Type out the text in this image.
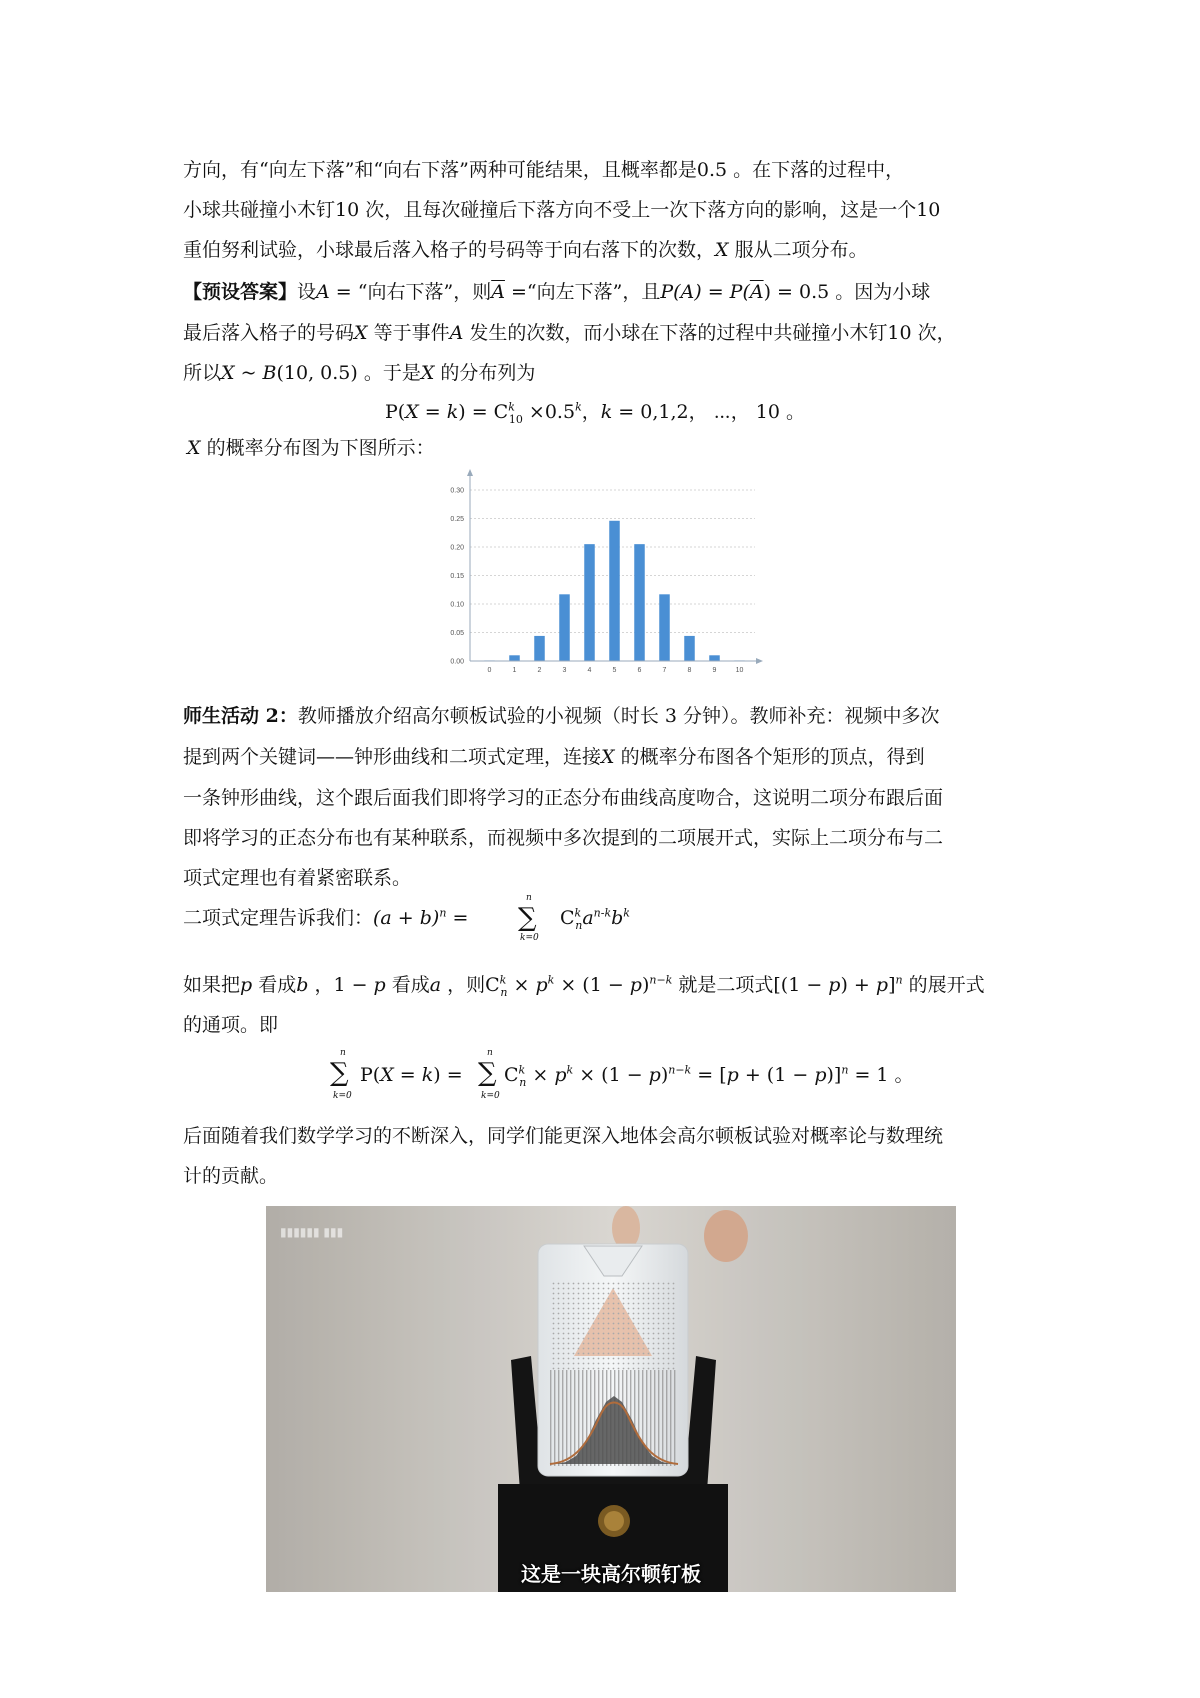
方向，有“向左下落”和“向右下落”两种可能结果，且概率都是0.5 。在下落的过程中，
小球共碰撞小木钉10 次，且每次碰撞后下落方向不受上一次下落方向的影响，这是一个10
重伯努利试验，小球最后落入格子的号码等于向右落下的次数，X 服从二项分布。
【预设答案】设A = “向右下落”，则$\overline{A}$ =“向左下落”，且$P(A) = P(\overline{A}) = 0.5$ 。因为小球
最后落入格子的号码X 等于事件A 发生的次数，而小球在下落的过程中共碰撞小木钉10 次，
所以X ~ B(10, 0.5) 。于是X 的分布列为
$P(X = k) = C^k_{10} \times 0.5^k$，k = 0,1,2， ⋯， 10 。
X 的概率分布图为下图所示：
0.00
0.05
0.10
0.15
0.20
0.25
0.30
0	1	2	3	4	5	6	7	8	9	10
师生活动 2：教师播放介绍高尔顿板试验的小视频（时长 3 分钟）。教师补充：视频中多次
提到两个关键词——钟形曲线和二项式定理，连接X 的概率分布图各个矩形的顶点，得到
一条钟形曲线，这个跟后面我们即将学习的正态分布曲线高度吻合，这说明二项分布跟后面
即将学习的正态分布也有某种联系，而视频中多次提到的二项展开式，实际上二项分布与二
项式定理也有着紧密联系。
二项式定理告诉我们：$(a + b)^n$ = ∑
n
k=0
$C^k_na^{n-k}b^k$
如果把p 看成b ，1 − p 看成a ，则$C^k_n \times p^k \times (1 - p)^{n-k}$ 就是二项式$[(1 - p) + p]^n$ 的展开式
的通项。即
∑
n
k=0
P(X = k) = ∑
n
k=0
$C^k_n \times p^k \times (1 - p)^{n-k} = [p + (1 - p)]^n = 1$ 。
后面随着我们数学学习的不断深入，同学们能更深入地体会高尔顿板试验对概率论与数理统
计的贡献。
▮▮▮▮▮▮ ▮▮▮
这是一块高尔顿钉板
